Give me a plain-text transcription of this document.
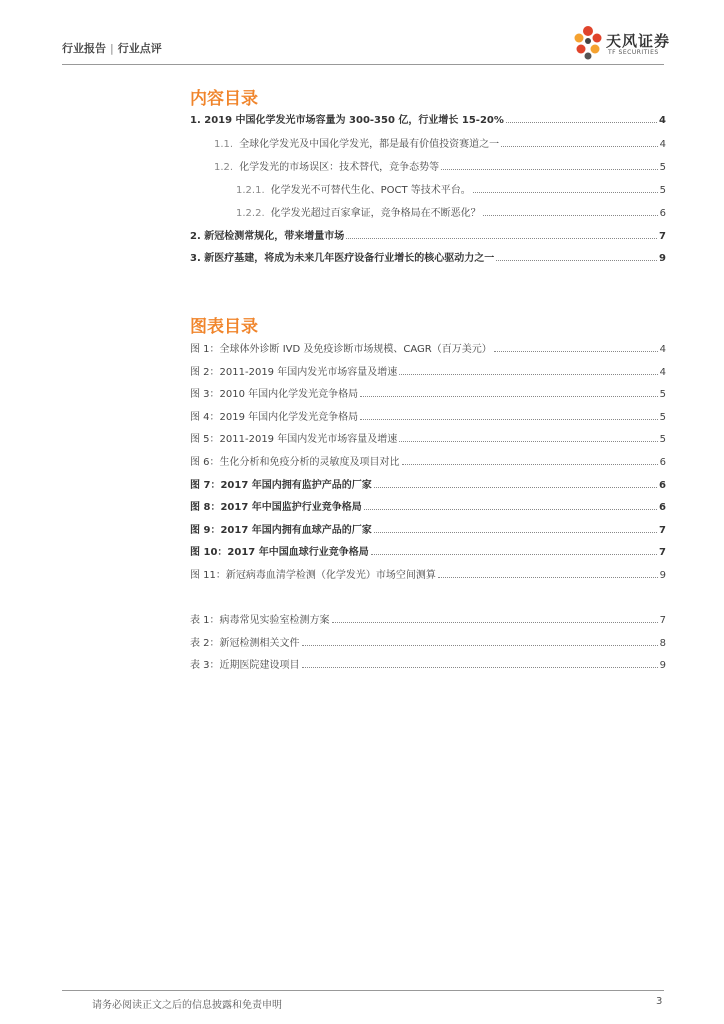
行业报告 | 行业点评	天风证券
TF SECURITIES
内容目录
1. 2019 中国化学发光市场容量为 300-350 亿，行业增长 15-20%	4
1.1. 全球化学发光及中国化学发光，都是最有价值投资赛道之一	4
1.2. 化学发光的市场误区：技术替代，竞争态势等	5
1.2.1. 化学发光不可替代生化、POCT 等技术平台。	5
1.2.2. 化学发光超过百家拿证，竞争格局在不断恶化？	6
2. 新冠检测常规化，带来增量市场	7
3. 新医疗基建，将成为未来几年医疗设备行业增长的核心驱动力之一	9
图表目录
图 1：全球体外诊断 IVD 及免疫诊断市场规模、CAGR（百万美元）	4
图 2：2011-2019 年国内发光市场容量及增速	4
图 3：2010 年国内化学发光竞争格局	5
图 4：2019 年国内化学发光竞争格局	5
图 5：2011-2019 年国内发光市场容量及增速	5
图 6：生化分析和免疫分析的灵敏度及项目对比	6
图 7：2017 年国内拥有监护产品的厂家	6
图 8：2017 年中国监护行业竞争格局	6
图 9：2017 年国内拥有血球产品的厂家	7
图 10：2017 年中国血球行业竞争格局	7
图 11：新冠病毒血清学检测（化学发光）市场空间测算	9
表 1：病毒常见实验室检测方案	7
表 2：新冠检测相关文件	8
表 3：近期医院建设项目	9
请务必阅读正文之后的信息披露和免责申明	3
